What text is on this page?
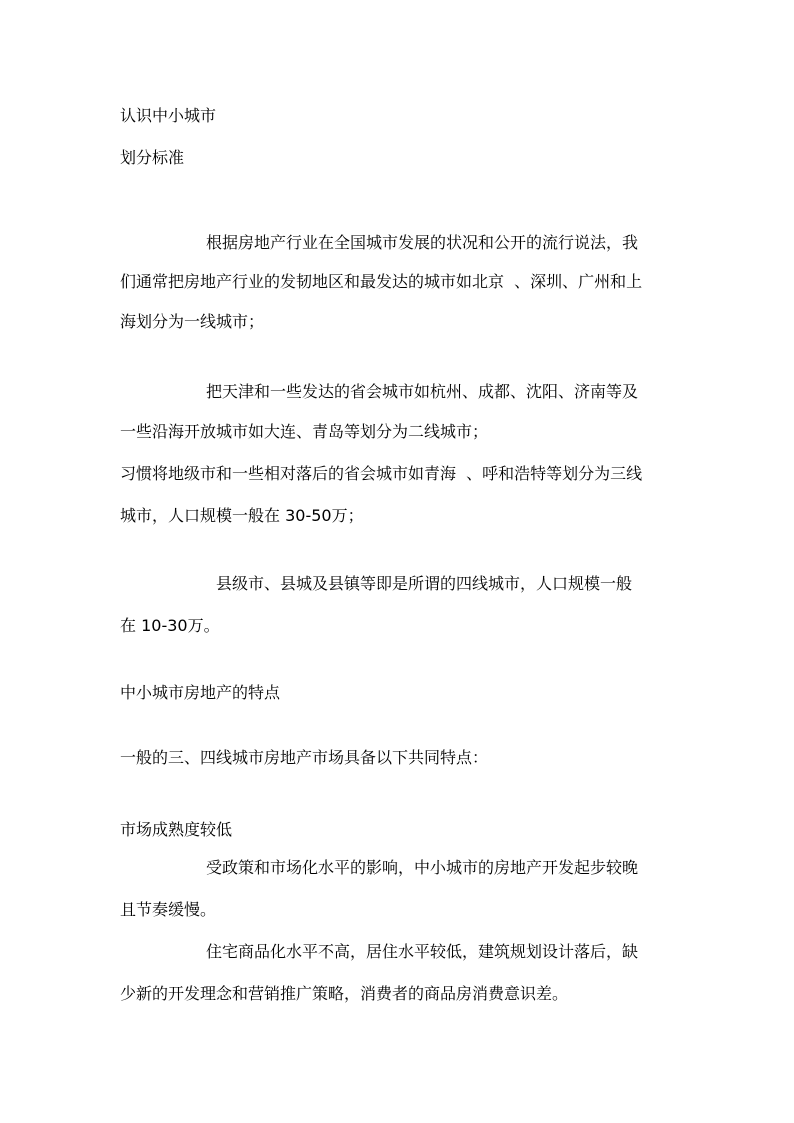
认识中小城市
划分标准
根据房地产行业在全国城市发展的状况和公开的流行说法，我
们通常把房地产行业的发韧地区和最发达的城市如北京  、深圳、广州和上
海划分为一线城市；
把天津和一些发达的省会城市如杭州、成都、沈阳、济南等及
一些沿海开放城市如大连、青岛等划分为二线城市；
习惯将地级市和一些相对落后的省会城市如青海  、呼和浩特等划分为三线
城市，人口规模一般在 30-50万；
县级市、县城及县镇等即是所谓的四线城市，人口规模一般
在 10-30万。
中小城市房地产的特点
一般的三、四线城市房地产市场具备以下共同特点：
市场成熟度较低
受政策和市场化水平的影响，中小城市的房地产开发起步较晚
且节奏缓慢。
住宅商品化水平不高，居住水平较低，建筑规划设计落后，缺
少新的开发理念和营销推广策略，消费者的商品房消费意识差。
